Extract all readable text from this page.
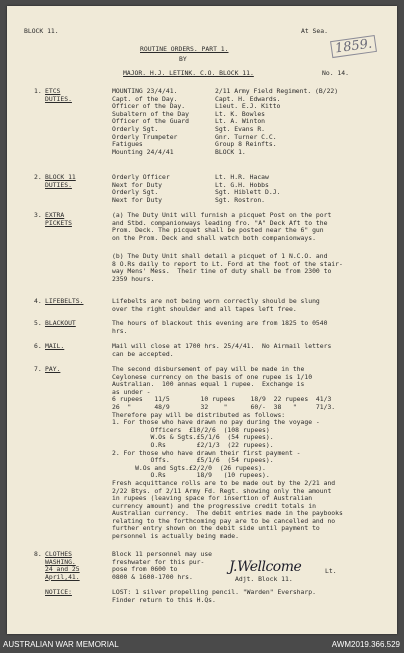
BLOCK 11.	At Sea.
1859.
ROUTINE ORDERS. PART 1.
BY
MAJOR. H.J. LETINK. C.O. BLOCK 11.	No. 14.
1. ETCS
DUTIES.
MOUNTING 23/4/41.	2/11 Army Field Regiment. (B/22)
Capt. of the Day.	Capt. H. Edwards.
Officer of the Day.	Lieut. E.J. Kitto
Subaltern of the Day	Lt. K. Bowles
Officer of the Guard	Lt. A. Winton
Orderly Sgt.	Sgt. Evans R.
Orderly Trumpeter	Gnr. Turner C.C.
Fatigues	Group 8 Reinfts.
Mounting 24/4/41	BLOCK 1.
2. BLOCK 11
DUTIES.
Orderly Officer	Lt. H.R. Hacaw
Next for Duty	Lt. G.H. Hobbs
Orderly Sgt.	Sgt. Hiblett D.J.
Next for Duty	Sgt. Rostron.
3. EXTRA
PICKETS
(a) The Duty Unit will furnish a picquet Post on the port
and Stbd. companionways leading fro. "A" Deck Aft to the
Prom. Deck. The picquet shall be posted near the 6" gun
on the Prom. Deck and shall watch both companionways.
(b) The Duty Unit shall detail a picquet of 1 N.C.O. and
8 O.Rs daily to report to Lt. Ford at the foot of the stair-
way Mens' Mess.  Their tine of duty shall be from 2300 to
2359 hours.
4. LIFEBELTS.	Lifebelts are not being worn correctly should be slung
over the right shoulder and all tapes left free.
5. BLACKOUT	The hours of blackout this evening are from 1825 to 0540
hrs.
6. MAIL.	Mail will close at 1700 hrs. 25/4/41.  No Airmail letters
can be accepted.
7. PAY.	The second disbursement of pay will be made in the
Ceylonese currency on the basis of one rupee is 1/10
Australian.  100 annas equal 1 rupee.  Exchange is
as under -
6 rupees   11/5        10 rupees    18/9  22 rupees  41/3
26  "      48/9        32    "      60/-  38   "     71/3.
Therefore pay will be distributed as follows:
1. For those who have drawn no pay during the voyage -
Officers  £10/2/6  (108 rupees)
W.Os & Sgts.£5/1/6  (54 rupees).
O.Rs        £2/1/3  (22 rupees).
2. For those who have drawn their first payment -
Offs.       £5/1/6  (54 rupees).
W.Os and Sgts.£2/2/0  (26 rupees).
O.Rs        18/9   (10 rupees).
Fresh acquittance rolls are to be made out by the 2/21 and
2/22 Btys. of 2/11 Army Fd. Regt. showing only the amount
in rupees (leaving space for insertion of Australian
currency amount) and the progressive credit totals in
Australian currency.  The debit entries made in the paybooks
relating to the forthcoming pay are to be cancelled and no
further entry shown on the debit side until payment to
personnel is actually being made.
8. CLOTHES
WASHING.
24 and 25
April,41.
Block 11 personnel may use
freshwater for this pur-
pose from 0600 to
0800 & 1600-1700 hrs.
J.Wellcome	Lt.
Adjt. Block 11.
NOTICE:	LOST: 1 silver propelling pencil. "Warden" Eversharp.
Finder return to this H.Qs.
AUSTRALIAN WAR MEMORIAL	AWM2019.366.529
